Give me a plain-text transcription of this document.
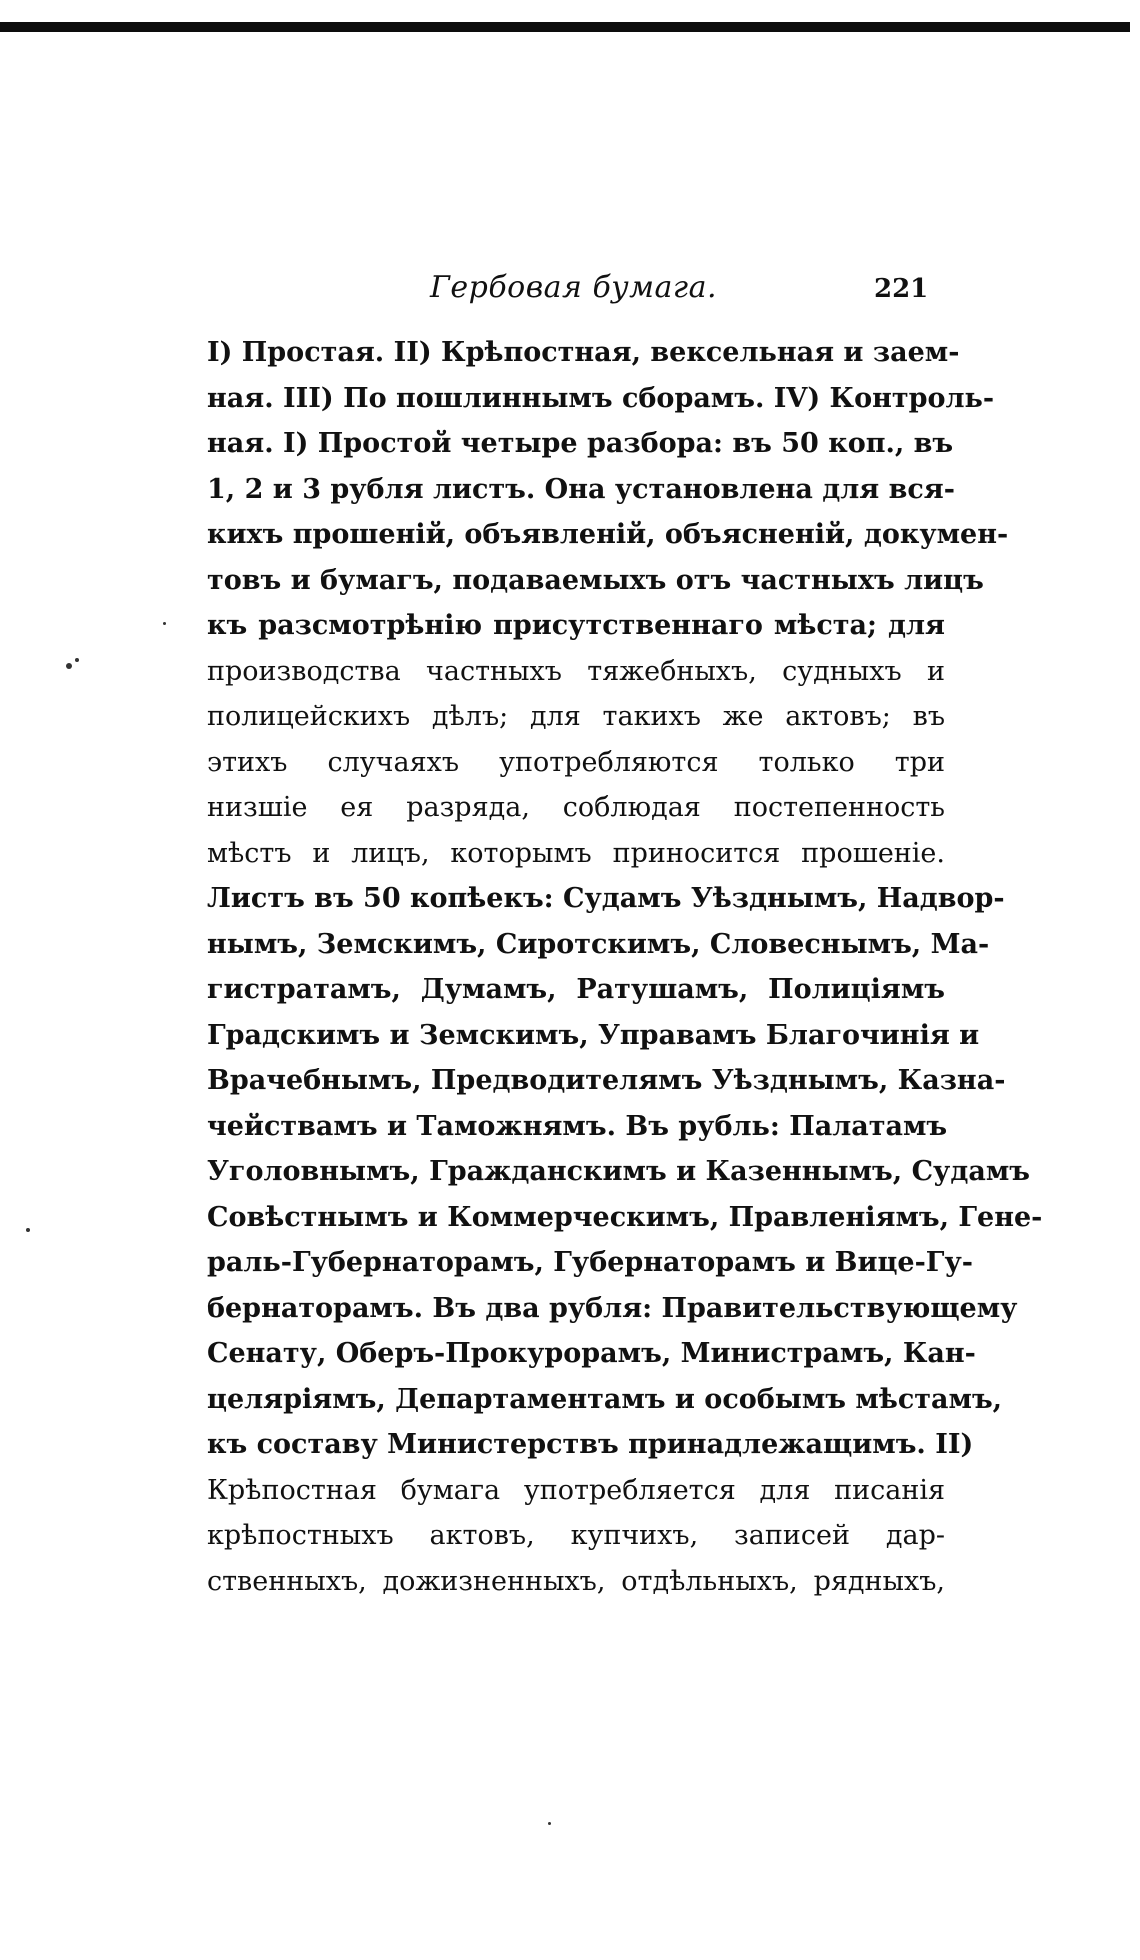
Гербовая бумага.	221
I) Простая. II) Крѣпостная, вексельная и заем-
ная. III) По пошлиннымъ сборамъ. IV) Контроль-
ная. I) Простой четыре разбора: въ 50 коп., въ
1, 2 и 3 рубля листъ. Она установлена для вся-
кихъ прошеній, объявленій, объясненій, докумен-
товъ и бумагъ, подаваемыхъ отъ частныхъ лицъ
къ разсмотрѣнію присутственнаго мѣста; для
производства частныхъ тяжебныхъ, судныхъ и
полицейскихъ дѣлъ; для такихъ же актовъ; въ
этихъ случаяхъ употребляются только три
низшіе ея разряда, соблюдая постепенность
мѣстъ и лицъ, которымъ приносится прошеніе.
Листъ въ 50 копѣекъ: Судамъ Уѣзднымъ, Надвор-
нымъ, Земскимъ, Сиротскимъ, Словеснымъ, Ма-
гистратамъ, Думамъ, Ратушамъ, Полиціямъ
Градскимъ и Земскимъ, Управамъ Благочинія и
Врачебнымъ, Предводителямъ Уѣзднымъ, Казна-
чействамъ и Таможнямъ. Въ рубль: Палатамъ
Уголовнымъ, Гражданскимъ и Казеннымъ, Судамъ
Совѣстнымъ и Коммерческимъ, Правленіямъ, Гене-
раль-Губернаторамъ, Губернаторамъ и Вице-Гу-
бернаторамъ. Въ два рубля: Правительствующему
Сенату, Оберъ-Прокурорамъ, Министрамъ, Кан-
целяріямъ, Департаментамъ и особымъ мѣстамъ,
къ составу Министерствъ принадлежащимъ. II)
Крѣпостная бумага употребляется для писанія
крѣпостныхъ актовъ, купчихъ, записей дар-
ственныхъ, дожизненныхъ, отдѣльныхъ, рядныхъ,
